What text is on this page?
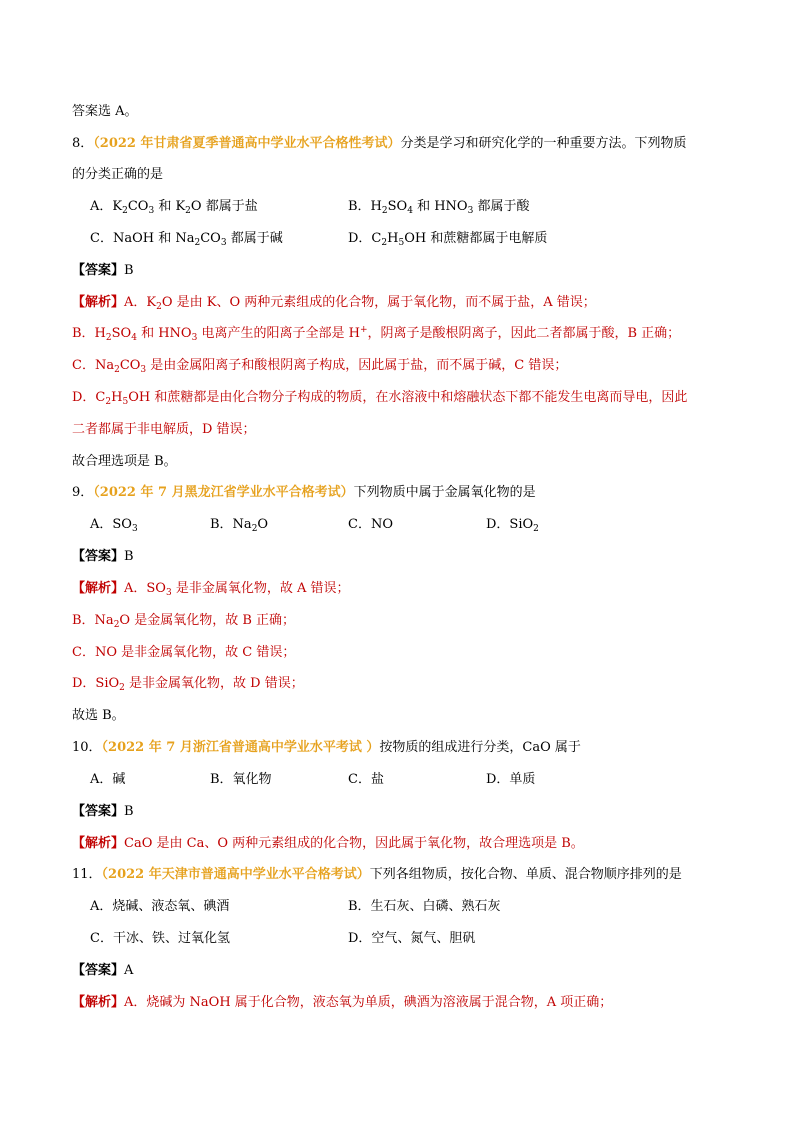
答案选 A。
8．（2022 年甘肃省夏季普通高中学业水平合格性考试）分类是学习和研究化学的一种重要方法。下列物质
的分类正确的是
A．$K_2CO_3$ 和 $K_2O$ 都属于盐	B．$H_2SO_4$ 和 $HNO_3$ 都属于酸
C．NaOH 和 $Na_2CO_3$ 都属于碱	D．$C_2H_5OH$ 和蔗糖都属于电解质
【答案】B
【解析】A．$K_2O$ 是由 K、O 两种元素组成的化合物，属于氧化物，而不属于盐，A 错误；
B．$H_2SO_4$ 和 $HNO_3$ 电离产生的阳离子全部是 H+，阴离子是酸根阴离子，因此二者都属于酸，B 正确；
C．$Na_2CO_3$ 是由金属阳离子和酸根阴离子构成，因此属于盐，而不属于碱，C 错误；
D．$C_2H_5OH$ 和蔗糖都是由化合物分子构成的物质，在水溶液中和熔融状态下都不能发生电离而导电，因此
二者都属于非电解质，D 错误；
故合理选项是 B。
9．（2022 年 7 月黑龙江省学业水平合格考试）下列物质中属于金属氧化物的是
A．$SO_3$	B．$Na_2O$	C．NO	D．SiO$_2$
【答案】B
【解析】A．$SO_3$ 是非金属氧化物，故 A 错误；
B．$Na_2O$ 是金属氧化物，故 B 正确；
C．NO 是非金属氧化物，故 C 错误；
D．SiO$_2$ 是非金属氧化物，故 D 错误；
故选 B。
10．（2022 年 7 月浙江省普通高中学业水平考试 ）按物质的组成进行分类，CaO 属于
A．碱	B．氧化物	C．盐	D．单质
【答案】B
【解析】CaO 是由 Ca、O 两种元素组成的化合物，因此属于氧化物，故合理选项是 B。
11．（2022 年天津市普通高中学业水平合格考试）下列各组物质，按化合物、单质、混合物顺序排列的是
A．烧碱、液态氧、碘酒	B．生石灰、白磷、熟石灰
C．干冰、铁、过氧化氢	D．空气、氮气、胆矾
【答案】A
【解析】A．烧碱为 NaOH 属于化合物，液态氧为单质，碘酒为溶液属于混合物，A 项正确；
